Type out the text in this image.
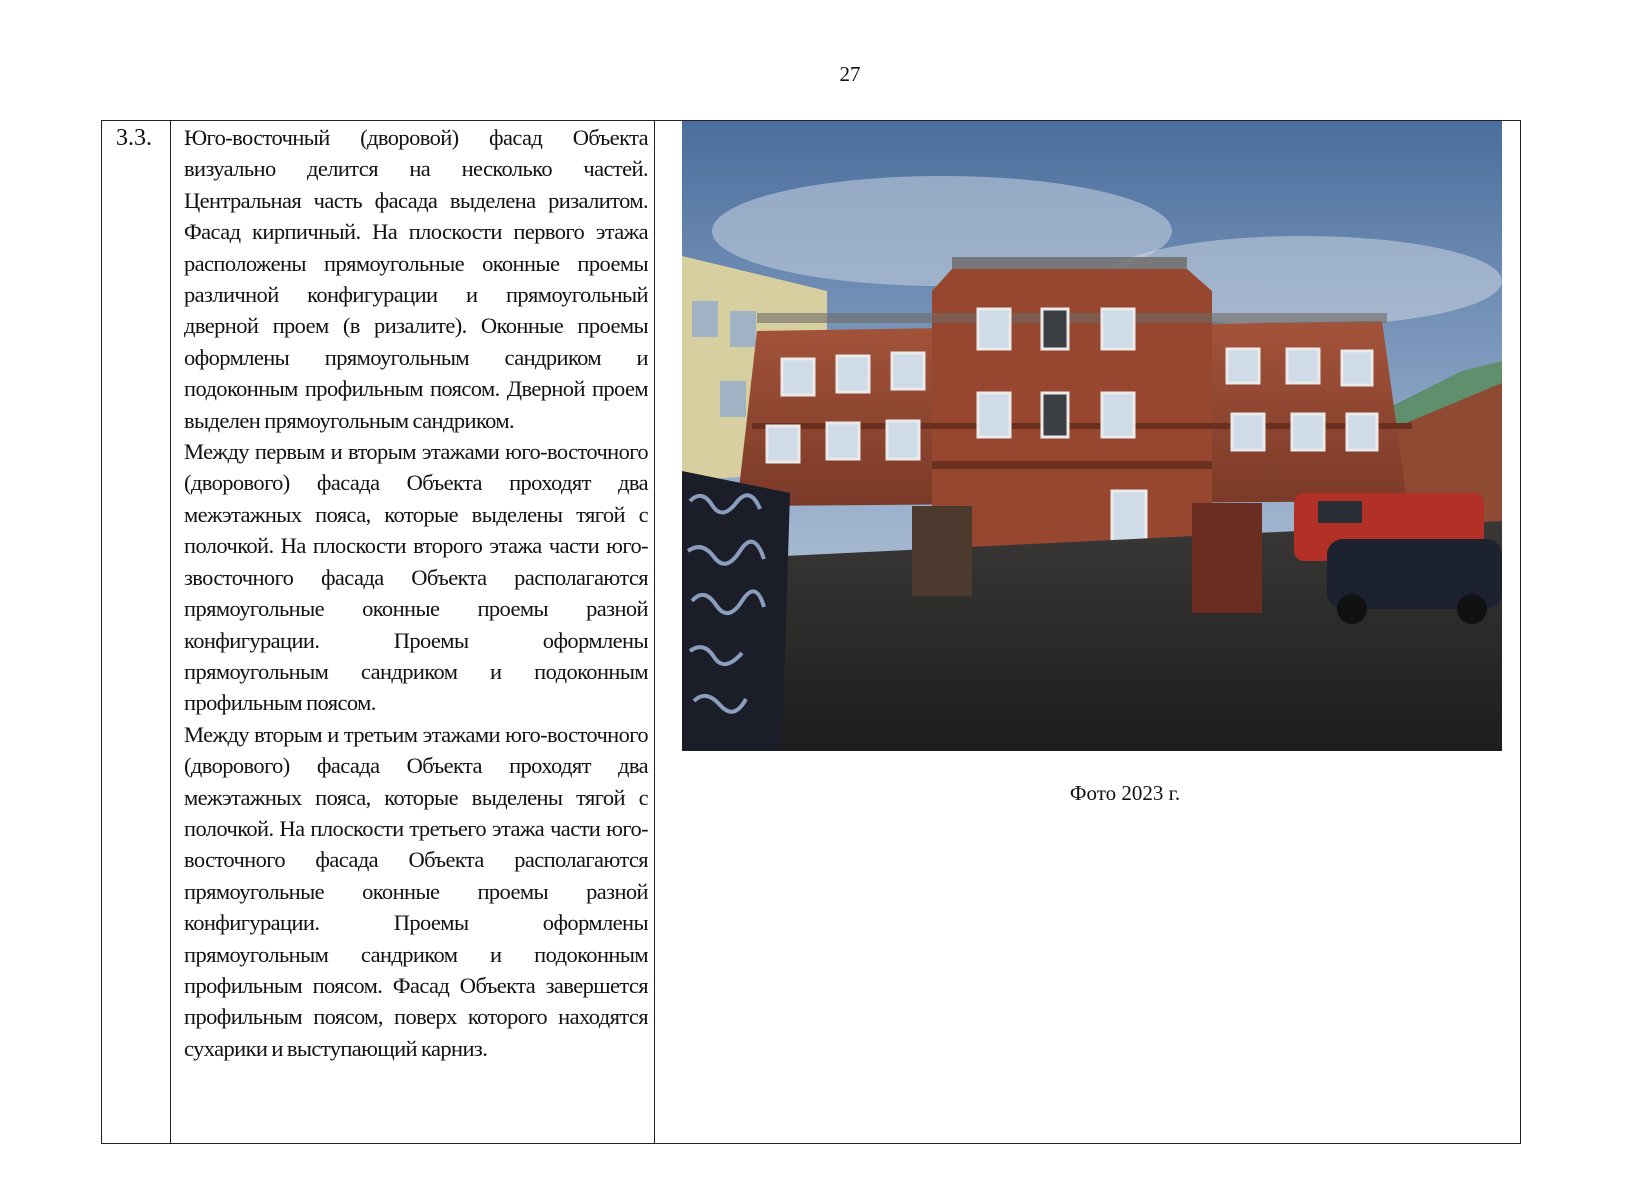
27
3.3. Юго-восточный (дворовой) фасад Объекта визуально делится на несколько частей. Центральная часть фасада выделена ризалитом. Фасад кирпичный. На плоскости первого этажа расположены прямоугольные оконные проемы различной конфигурации и прямоугольный дверной проем (в ризалите). Оконные проемы оформлены прямоугольным сандриком и подоконным профильным поясом. Дверной проем выделен прямоугольным сандриком.

Между первым и вторым этажами юго-восточного (дворового) фасада Объекта проходят два межэтажных пояса, которые выделены тягой с полочкой. На плоскости второго этажа части юго-звосточного фасада Объекта располагаются прямоугольные оконные проемы разной конфигурации. Проемы оформлены прямоугольным сандриком и подоконным профильным поясом.

Между вторым и третьим этажами юго-восточного (дворового) фасада Объекта проходят два межэтажных пояса, которые выделены тягой с полочкой. На плоскости третьего этажа части юго-восточного фасада Объекта располагаются прямоугольные оконные проемы разной конфигурации. Проемы оформлены прямоугольным сандриком и подоконным профильным поясом. Фасад Объекта завершется профильным поясом, поверх которого находятся сухарики и выступающий карниз.

Фото 2023 г.
